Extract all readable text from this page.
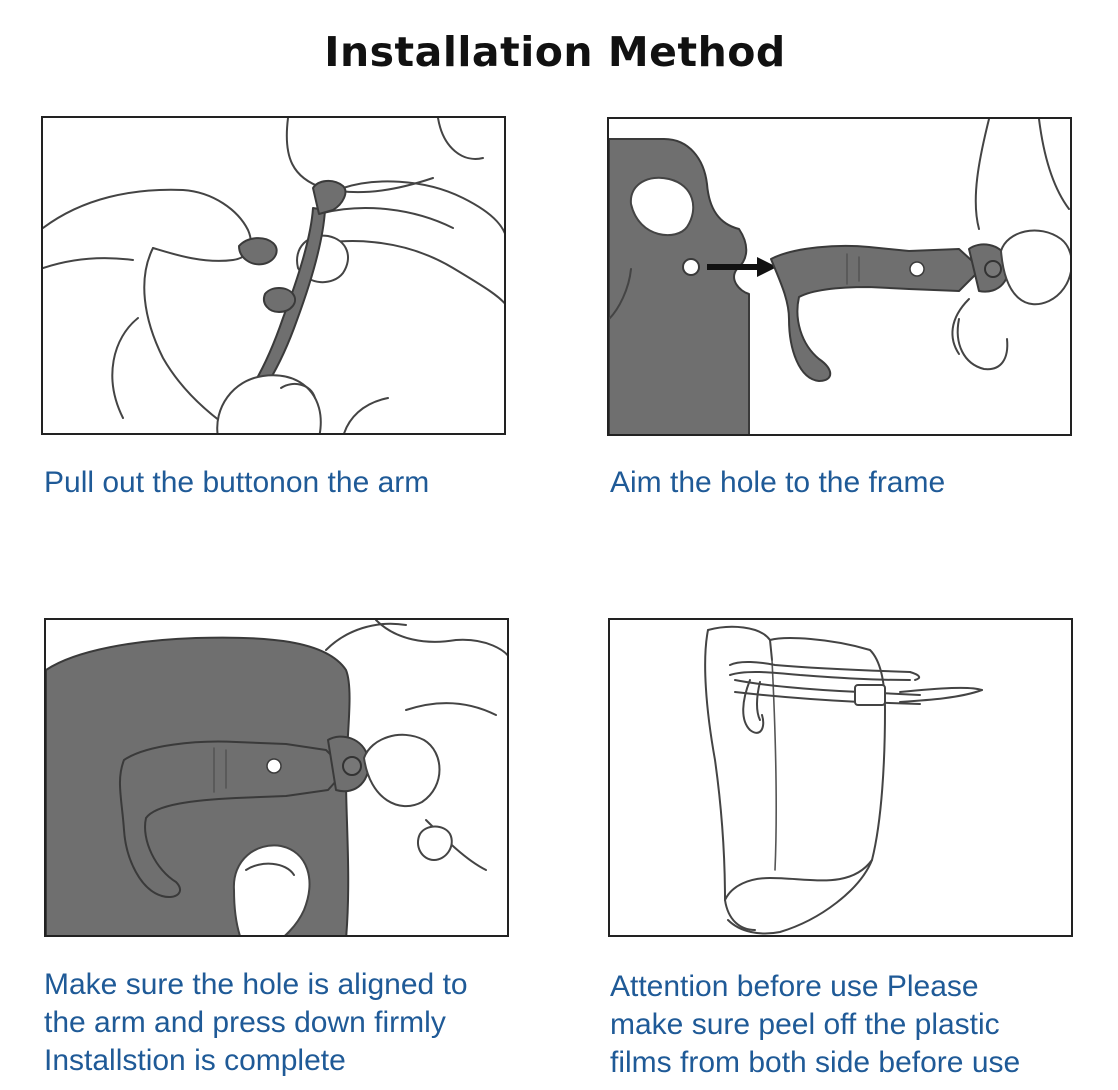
Installation Method
Pull out the buttonon the arm	Aim the hole to the frame
Make sure the hole is aligned to
the arm and press down firmly
Installstion is complete
Attention before use Please
make sure peel off the plastic
films from both side before use
